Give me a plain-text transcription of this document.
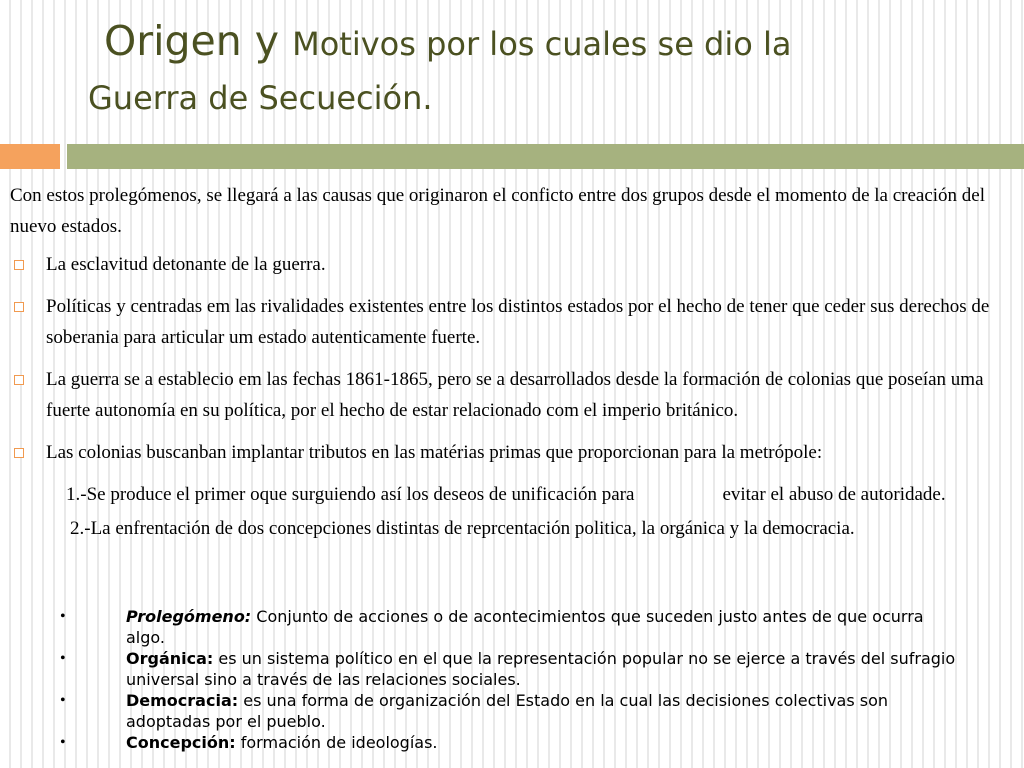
Origen y Motivos por los cuales se dio la
Guerra de Secueción.

Con estos prolegómenos, se llegará a las causas que originaron el conficto entre dos grupos desde el momento de la creación del nuevo estados.

La esclavitud detonante de la guerra.

Políticas y centradas em las rivalidades existentes entre los distintos estados por el hecho de tener que ceder sus derechos de soberania para articular um estado autenticamente fuerte.

La guerra se a establecio em las fechas 1861-1865, pero se a desarrollados desde la formación de colonias que poseían uma fuerte autonomía en su política, por el hecho de estar relacionado com el imperio británico.

Las colonias buscanban implantar tributos en las matérias primas que proporcionan para la metrópole:

1.-Se produce el primer oque surguiendo así los deseos de unificación para	evitar el abuso de autoridade.

2.-La enfrentación de dos concepciones distintas de reprcentación politica, la orgánica y la democracia.

•	Prolegómeno: Conjunto de acciones o de acontecimientos que suceden justo antes de que ocurra algo.
•	Orgánica: es un sistema político en el que la representación popular no se ejerce a través del sufragio universal sino a través de las relaciones sociales.
•	Democracia: es una forma de organización del Estado en la cual las decisiones colectivas son adoptadas por el pueblo.
•	Concepción: formación de ideologías.
